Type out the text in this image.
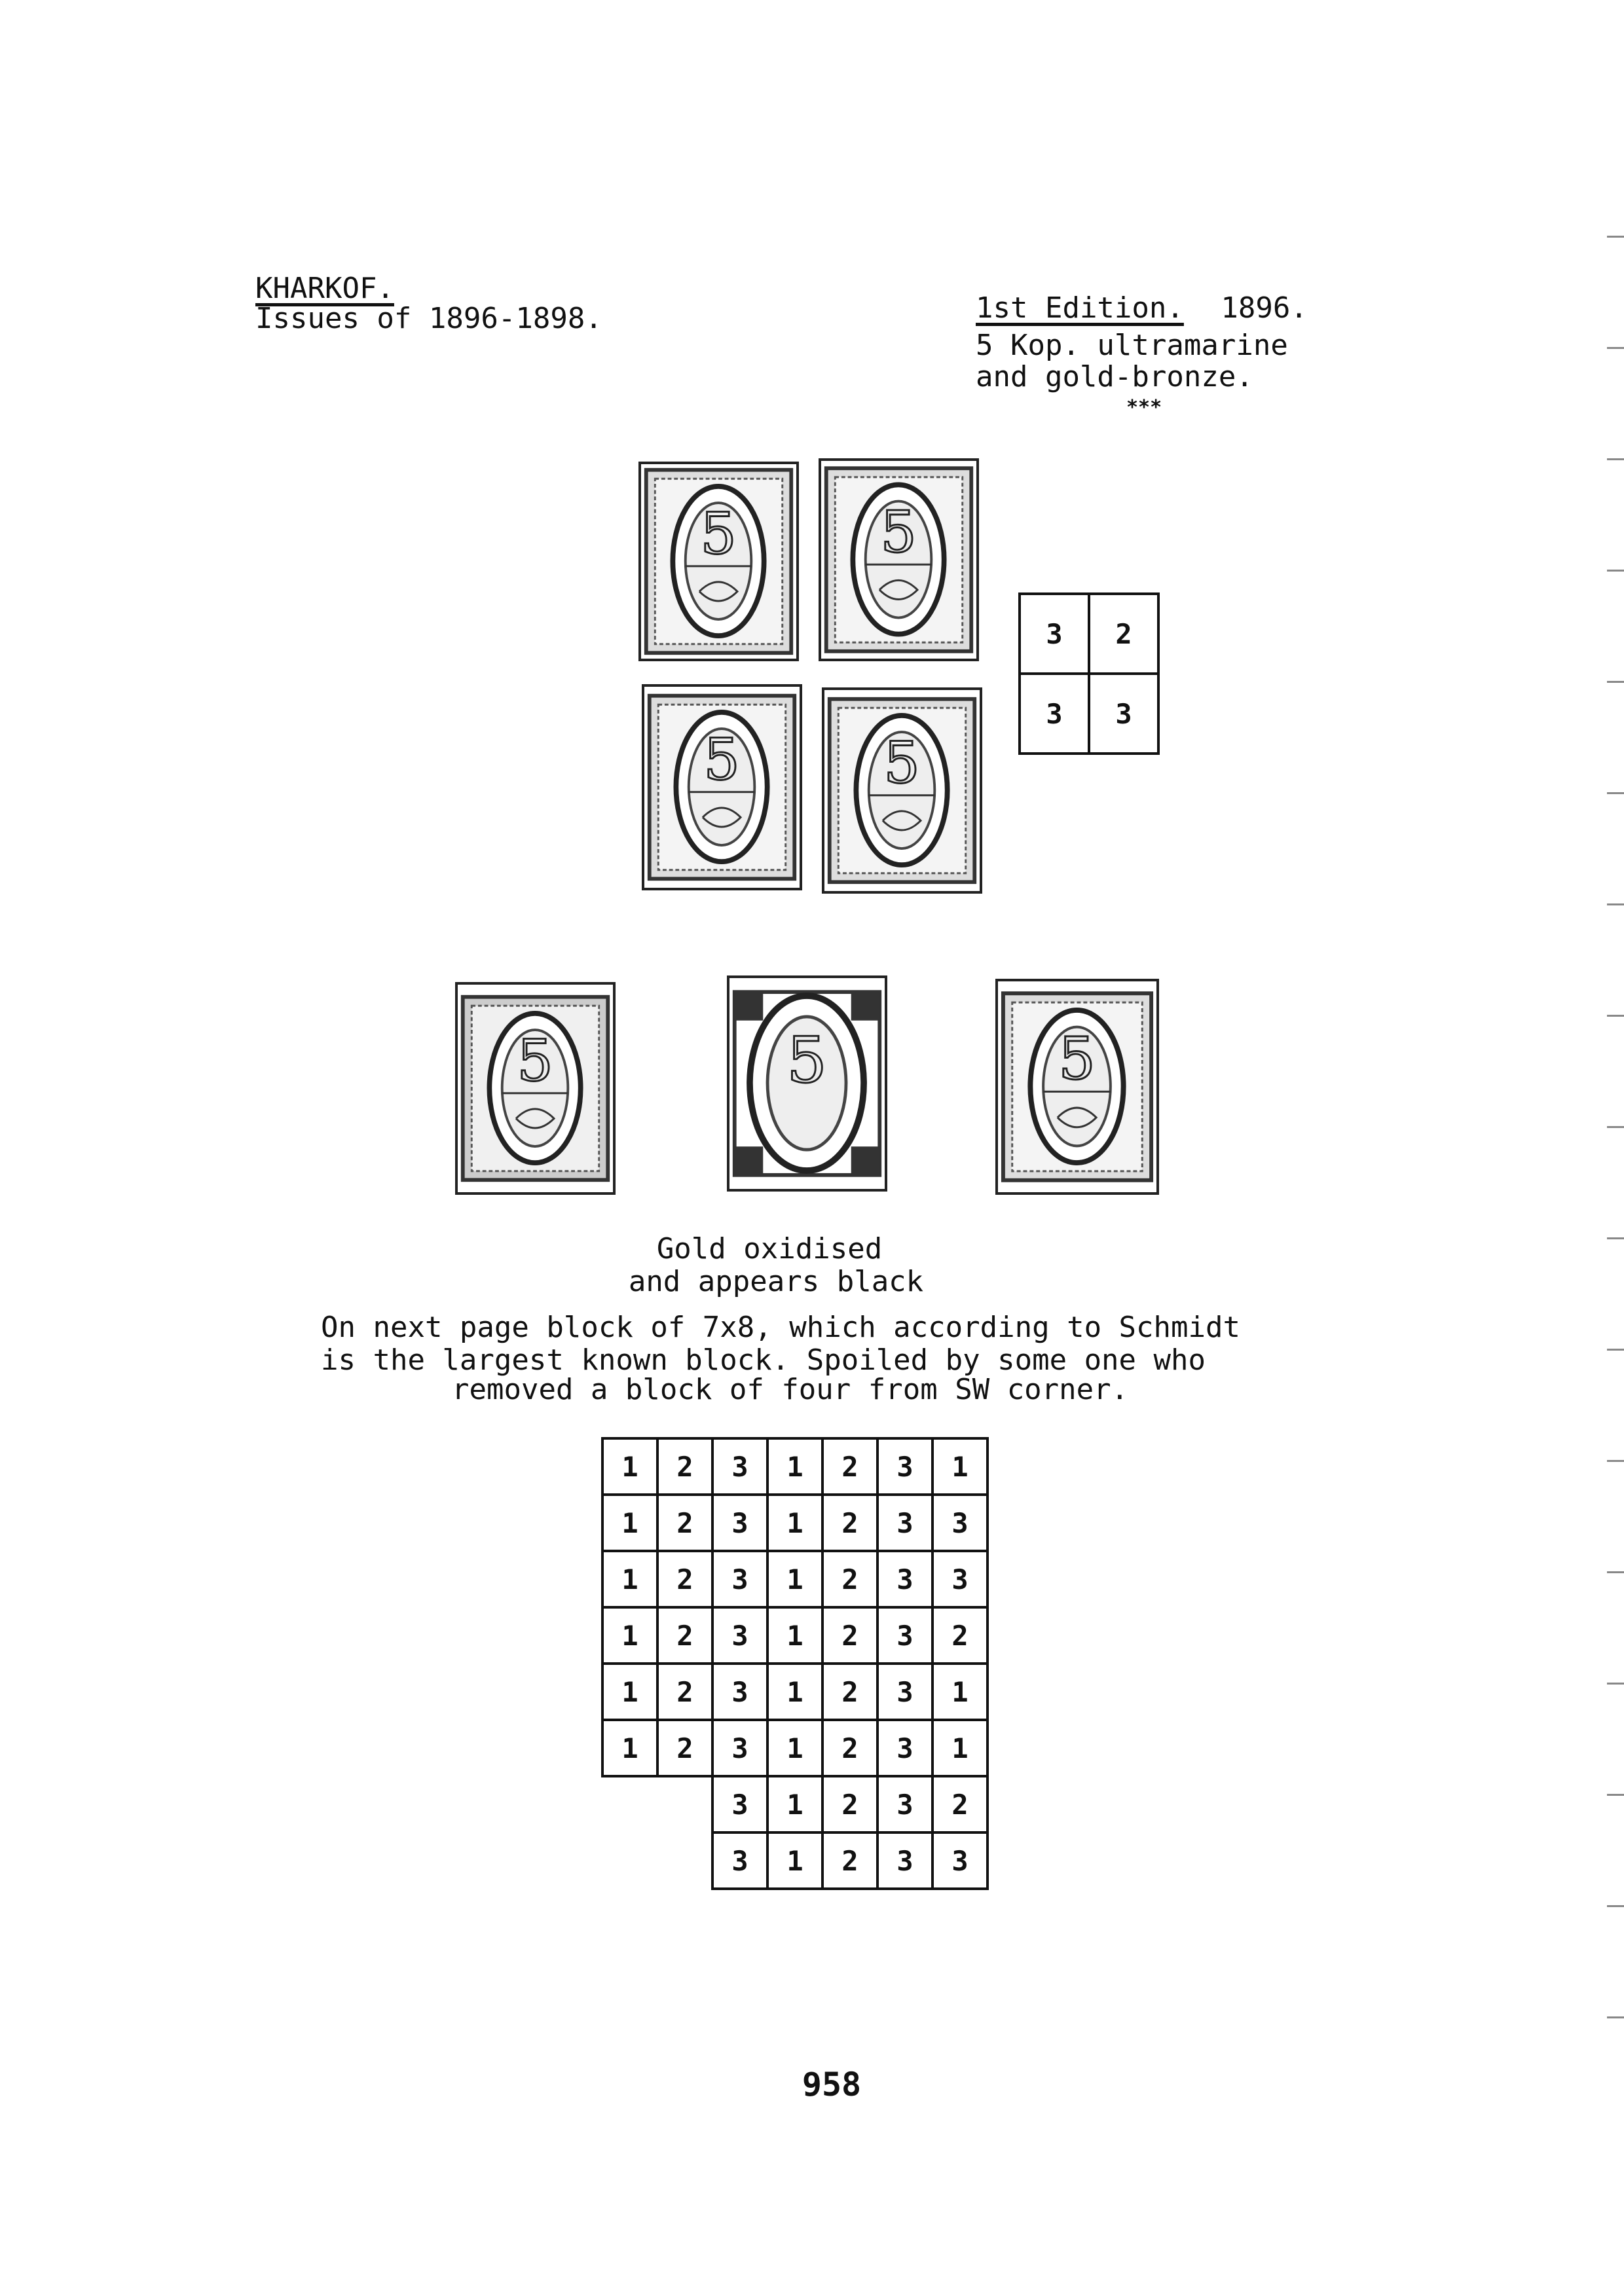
KHARKOF.
Issues of 1896-1898.	1st Edition. 1896.
5 Kop. ultramarine
and gold-bronze.
***
5 5
5 5
3	2
3	3
5	5	5
Gold oxidised
and appears black
On next page block of 7x8, which according to Schmidt
is the largest known block. Spoiled by some one who
removed a block of four from SW corner.
1	2	3	1	2	3	1
1	2	3	1	2	3	3
1	2	3	1	2	3	3
1	2	3	1	2	3	2
1	2	3	1	2	3	1
1	2	3	1	2	3	1
		3	1	2	3	2
		3	1	2	3	3
958
